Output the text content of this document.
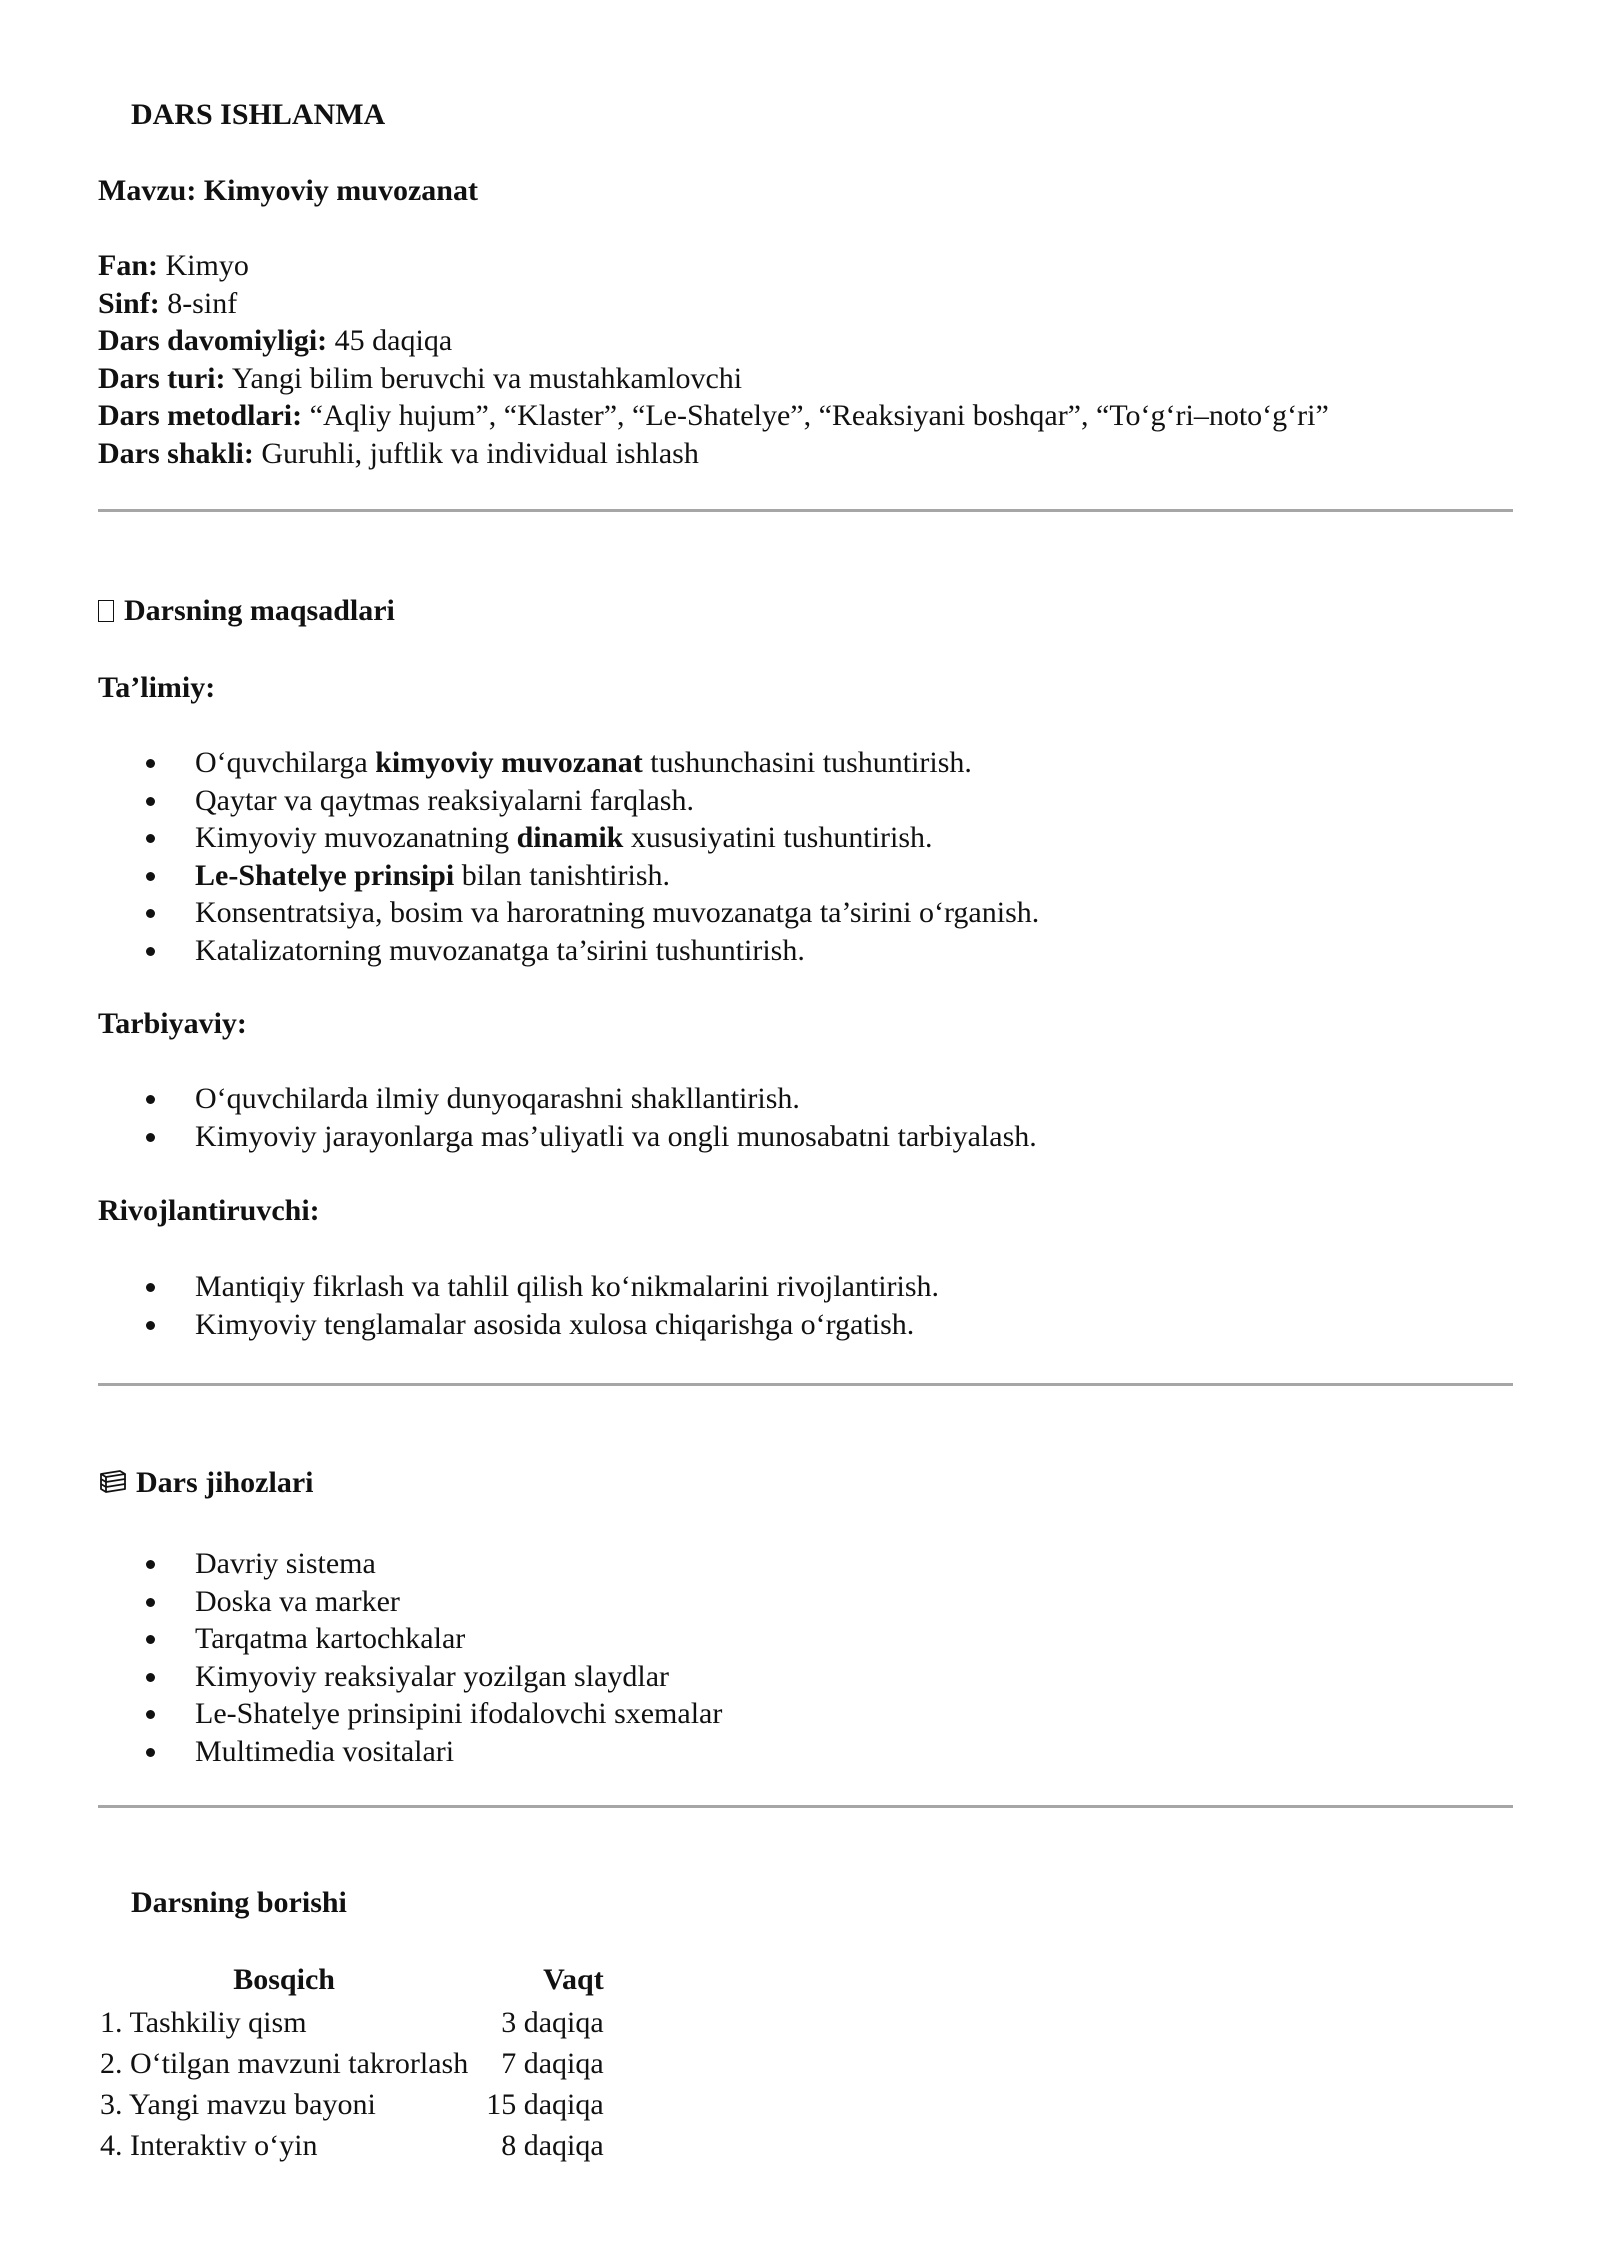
DARS ISHLANMA
Mavzu: Kimyoviy muvozanat
Fan: Kimyo
Sinf: 8-sinf
Dars davomiyligi: 45 daqiqa
Dars turi: Yangi bilim beruvchi va mustahkamlovchi
Dars metodlari: “Aqliy hujum”, “Klaster”, “Le-Shatelye”, “Reaksiyani boshqar”, “To‘g‘ri–noto‘g‘ri”
Dars shakli: Guruhli, juftlik va individual ishlash
Darsning maqsadlari
Ta’limiy:
O‘quvchilarga kimyoviy muvozanat tushunchasini tushuntirish.
Qaytar va qaytmas reaksiyalarni farqlash.
Kimyoviy muvozanatning dinamik xususiyatini tushuntirish.
Le-Shatelye prinsipi bilan tanishtirish.
Konsentratsiya, bosim va haroratning muvozanatga ta’sirini o‘rganish.
Katalizatorning muvozanatga ta’sirini tushuntirish.
Tarbiyaviy:
O‘quvchilarda ilmiy dunyoqarashni shakllantirish.
Kimyoviy jarayonlarga mas’uliyatli va ongli munosabatni tarbiyalash.
Rivojlantiruvchi:
Mantiqiy fikrlash va tahlil qilish ko‘nikmalarini rivojlantirish.
Kimyoviy tenglamalar asosida xulosa chiqarishga o‘rgatish.
Dars jihozlari
Davriy sistema
Doska va marker
Tarqatma kartochkalar
Kimyoviy reaksiyalar yozilgan slaydlar
Le-Shatelye prinsipini ifodalovchi sxemalar
Multimedia vositalari
Darsning borishi
Bosqich	Vaqt
1. Tashkiliy qism	3 daqiqa
2. O‘tilgan mavzuni takrorlash	7 daqiqa
3. Yangi mavzu bayoni	15 daqiqa
4. Interaktiv o‘yin	8 daqiqa
